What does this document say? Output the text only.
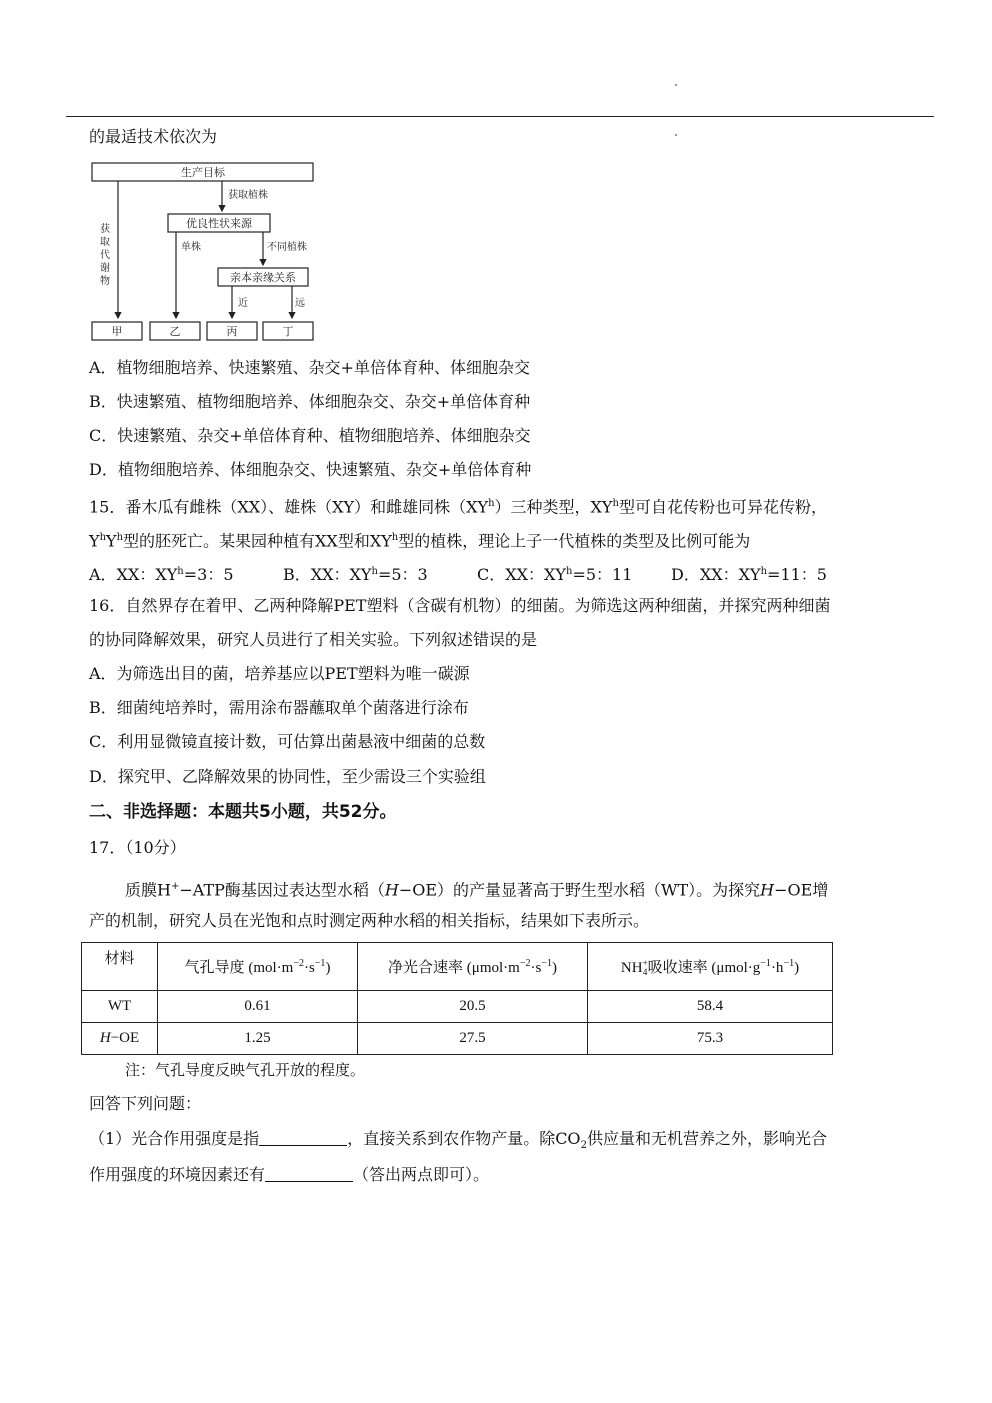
的最适技术依次为
生产目标
获取植株
优良性状来源
单株	不同植株
亲本亲缘关系
近	远
获
取
代
谢
物
甲	乙	丙	丁
A．植物细胞培养、快速繁殖、杂交+单倍体育种、体细胞杂交
B．快速繁殖、植物细胞培养、体细胞杂交、杂交+单倍体育种
C．快速繁殖、杂交+单倍体育种、植物细胞培养、体细胞杂交
D．植物细胞培养、体细胞杂交、快速繁殖、杂交+单倍体育种
15．番木瓜有雌株（XX）、雄株（XY）和雌雄同株$(XY^h)$三种类型，$XY^h$型可自花传粉也可异花传粉，
$Y^hY^h$型的胚死亡。某果园种植有XX型和$XY^h$型的植株，理论上子一代植株的类型及比例可能为
A．XX：$XY^h=3$：5	B．XX：$XY^h=5$：3	C．XX：$XY^h=5$：11 D．XX：$XY^h=11$：5
16．自然界存在着甲、乙两种降解PET塑料（含碳有机物）的细菌。为筛选这两种细菌，并探究两种细菌
的协同降解效果，研究人员进行了相关实验。下列叙述错误的是
A．为筛选出目的菌，培养基应以PET塑料为唯一碳源
B．细菌纯培养时，需用涂布器蘸取单个菌落进行涂布
C．利用显微镜直接计数，可估算出菌悬液中细菌的总数
D．探究甲、乙降解效果的协同性，至少需设三个实验组
二、非选择题：本题共5小题，共52分。
17．（10分）
质膜H+−ATP酶基因过表达型水稻（H−OE）的产量显著高于野生型水稻（WT）。为探究H−OE增
产的机制，研究人员在光饱和点时测定两种水稻的相关指标，结果如下表所示。
材料	气孔导度 $(mol\cdot m^{-2}\cdot s^{-1})$	净光合速率 $(\mu mol\cdot m^{-2}\cdot s^{-1})$	NH +
4 吸收速率 $(\mu mol\cdot g^{-1}\cdot h^{-1})$
WT	0.61	20.5	58.4
H−OE	1.25	27.5	75.3
注：气孔导度反映气孔开放的程度。
回答下列问题：
（1）光合作用强度是指	，直接关系到农作物产量。除$CO_2$供应量和无机营养之外，影响光合
作用强度的环境因素还有	（答出两点即可）。
